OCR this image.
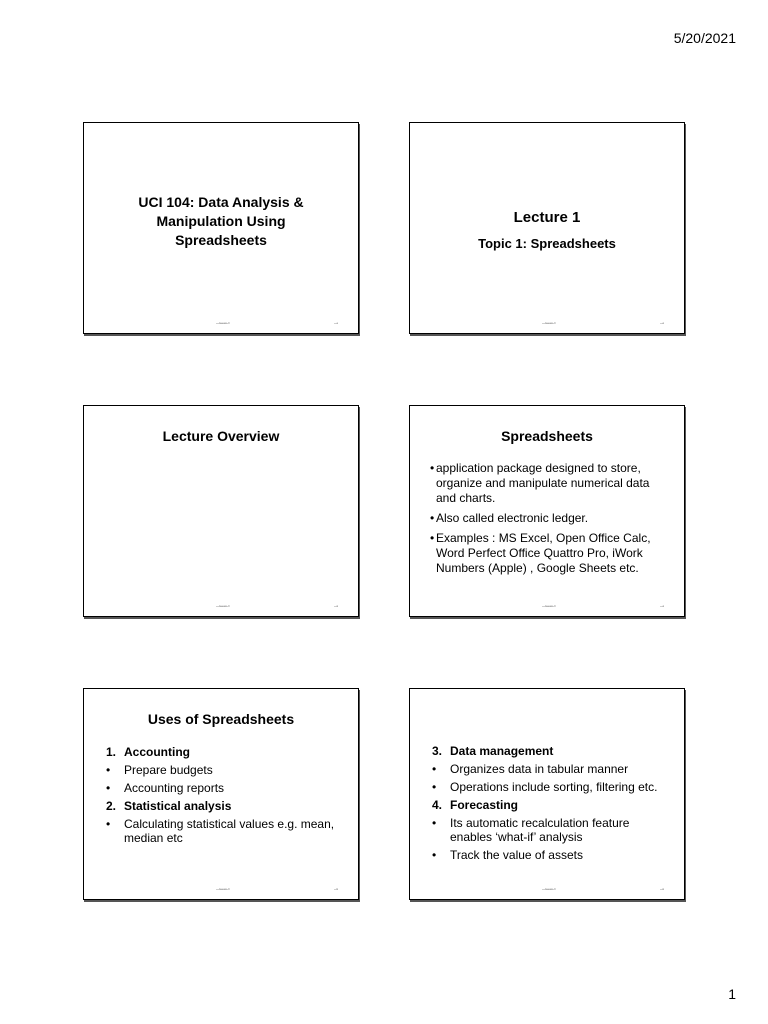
5/20/2021
UCI 104: Data Analysis & Manipulation Using Spreadsheets
Sarah D	1
Lecture 1
Topic 1: Spreadsheets
Sarah D	2
Lecture Overview
Sarah D	3
Spreadsheets
• application package designed to store, organize and manipulate numerical data and charts.
• Also called electronic ledger.
• Examples : MS Excel, Open Office Calc, Word Perfect Office Quattro Pro, iWork Numbers (Apple) , Google Sheets etc.
Sarah D	4
Uses of Spreadsheets
1. Accounting
• Prepare budgets
• Accounting reports
2. Statistical analysis
• Calculating statistical values e.g. mean, median etc
Sarah D	5
3. Data management
• Organizes data in tabular manner
• Operations include sorting, filtering etc.
4. Forecasting
• Its automatic recalculation feature enables ‘what-if’ analysis
• Track the value of assets
Sarah D	6
1
